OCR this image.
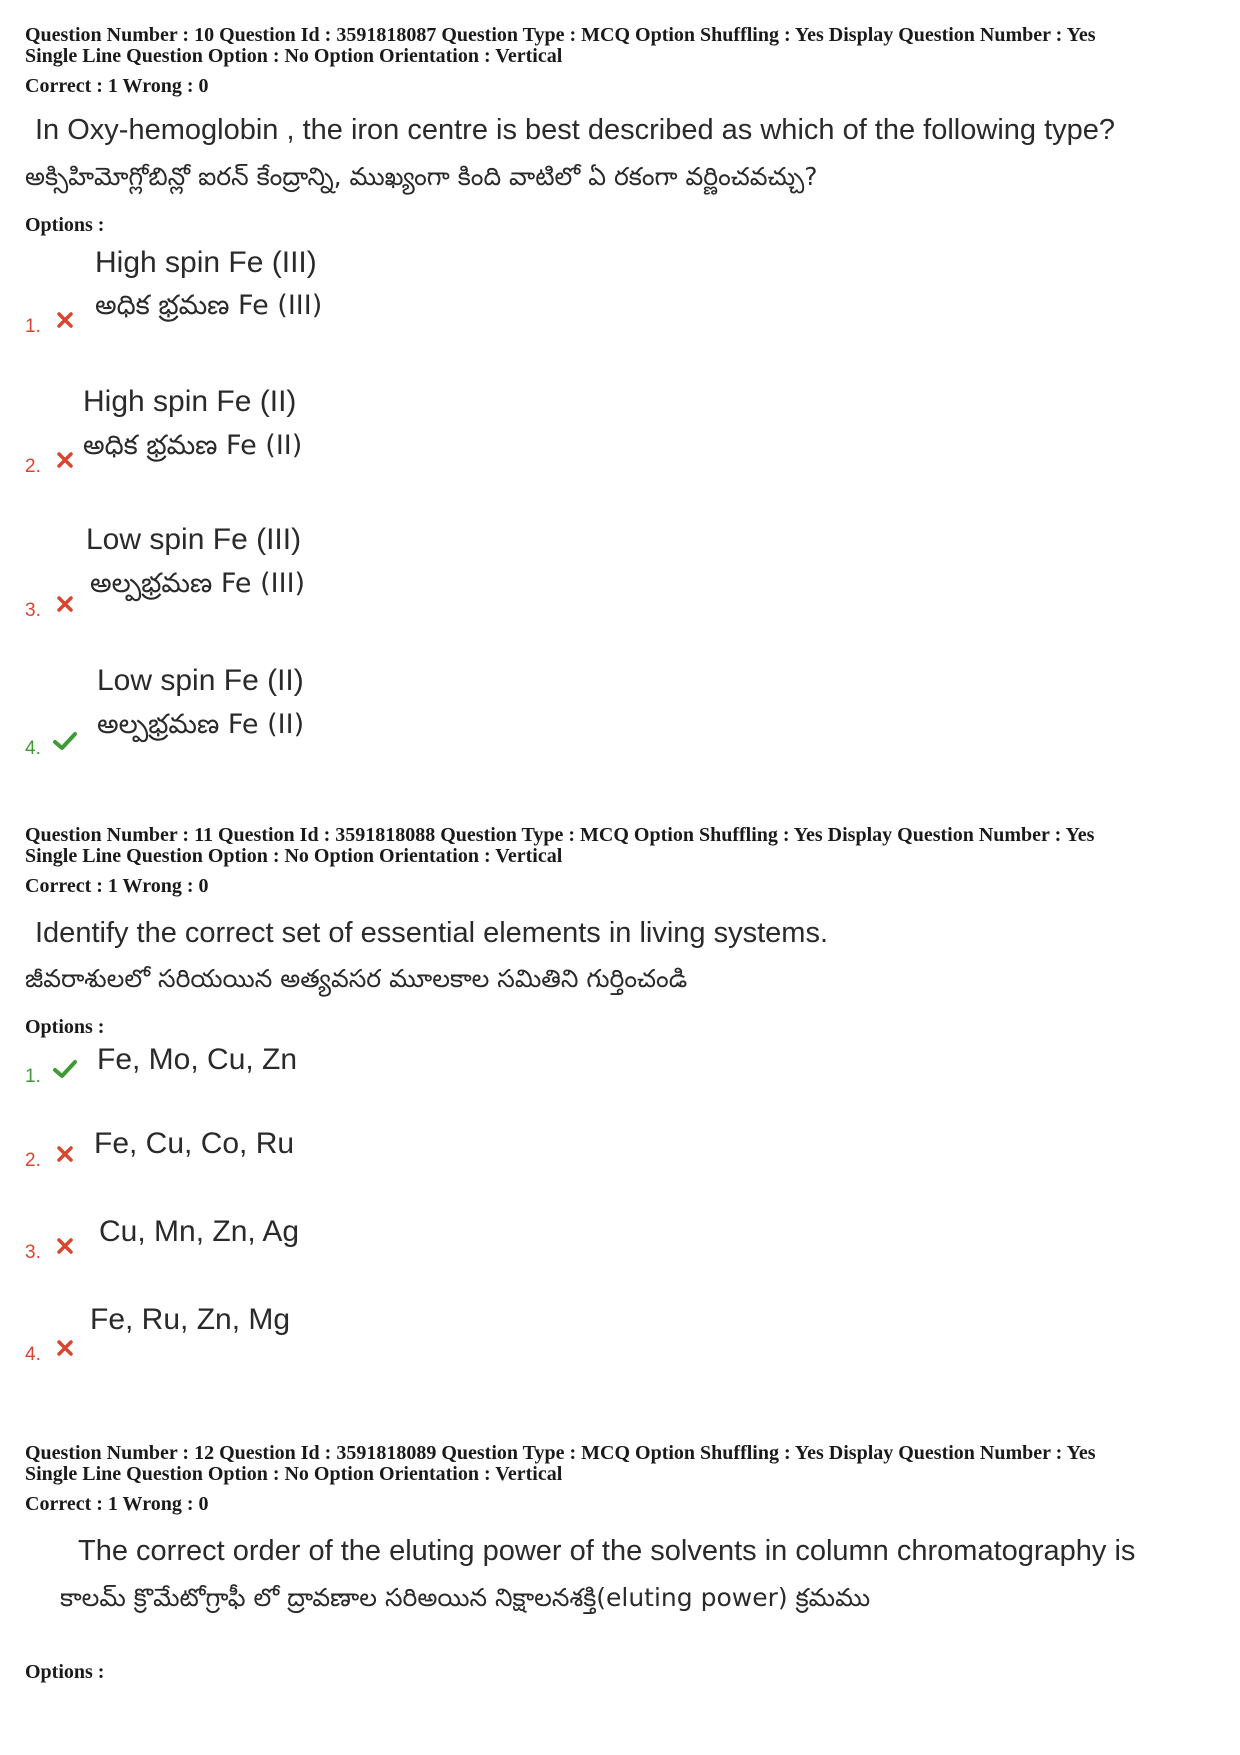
Question Number : 10 Question Id : 3591818087 Question Type : MCQ Option Shuffling : Yes Display Question Number : Yes
Single Line Question Option : No Option Orientation : Vertical
Correct : 1 Wrong : 0
In Oxy-hemoglobin , the iron centre is best described as which of the following type?
అక్సిహిమోగ్లోబిన్లో ఐరన్ కేంద్రాన్ని, ముఖ్యంగా కింది వాటిలో ఏ రకంగా వర్ణించవచ్చు?
Options :
High spin Fe (III)
అధిక భ్రమణ Fe (III)
1.
High spin Fe (II)
అధిక భ్రమణ Fe (II)
2.
Low spin Fe (III)
అల్పభ్రమణ Fe (III)
3.
Low spin Fe (II)
అల్పభ్రమణ Fe (II)
4.
Question Number : 11 Question Id : 3591818088 Question Type : MCQ Option Shuffling : Yes Display Question Number : Yes
Single Line Question Option : No Option Orientation : Vertical
Correct : 1 Wrong : 0
Identify the correct set of essential elements in living systems.
జీవరాశులలో సరియయిన అత్యవసర మూలకాల సమితిని గుర్తించండి
Options :
1.
Fe, Mo, Cu, Zn
2.
Fe, Cu, Co, Ru
3.
Cu, Mn, Zn, Ag
4.
Fe, Ru, Zn, Mg
Question Number : 12 Question Id : 3591818089 Question Type : MCQ Option Shuffling : Yes Display Question Number : Yes
Single Line Question Option : No Option Orientation : Vertical
Correct : 1 Wrong : 0
The correct order of the eluting power of the solvents in column chromatography is
కాలమ్ క్రొమేటోగ్రాఫీ లో ద్రావణాల సరిఅయిన నిక్షాలనశక్తి(eluting power) క్రమము
Options :
